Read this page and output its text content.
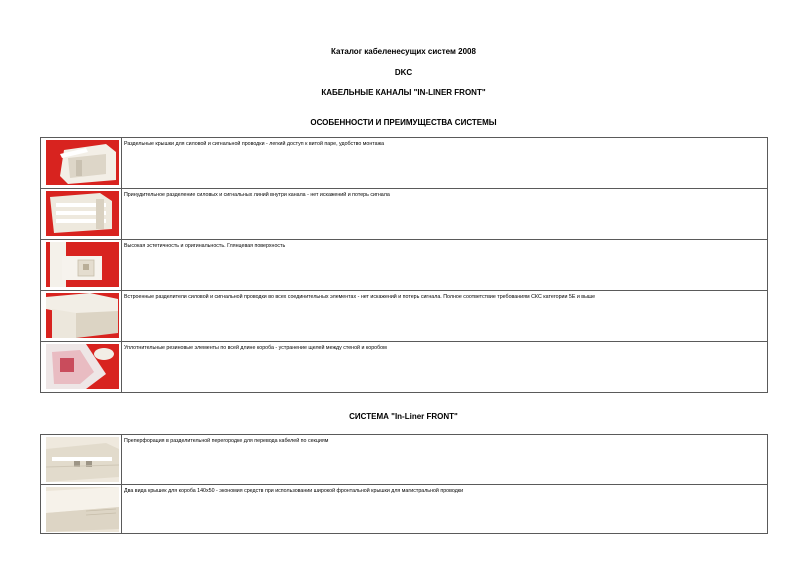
Каталог кабеленесущих систем 2008
DKC
КАБЕЛЬНЫЕ КАНАЛЫ "IN-LINER FRONT"
ОСОБЕННОСТИ И ПРЕИМУЩЕСТВА СИСТЕМЫ
	Раздельные крышки для силовой и сигнальной проводки - легкий доступ к витой паре, удобство монтажа

	Принудительное разделение силовых и сигнальных линий внутри канала - нет искажений и потерь сигнала

	Высокая эстетичность и оригинальность. Глянцевая поверхность

	Встроенные разделители силовой и сигнальной проводки во всех соединительных элементах - нет искажений и потерь сигнала. Полное соответствие требованиям СКС категории 5Е и выше

	Уплотнительные резиновые элементы по всей длине короба - устранение щелей между стеной и коробом
СИСТЕМА "In-Liner FRONT"
	Преперфорация в разделительной перегородке для перевода кабелей по секциям

	Два вида крышек для короба 140х50 - экономия средств при использовании широкой фронтальной крышки для магистральной проводки
